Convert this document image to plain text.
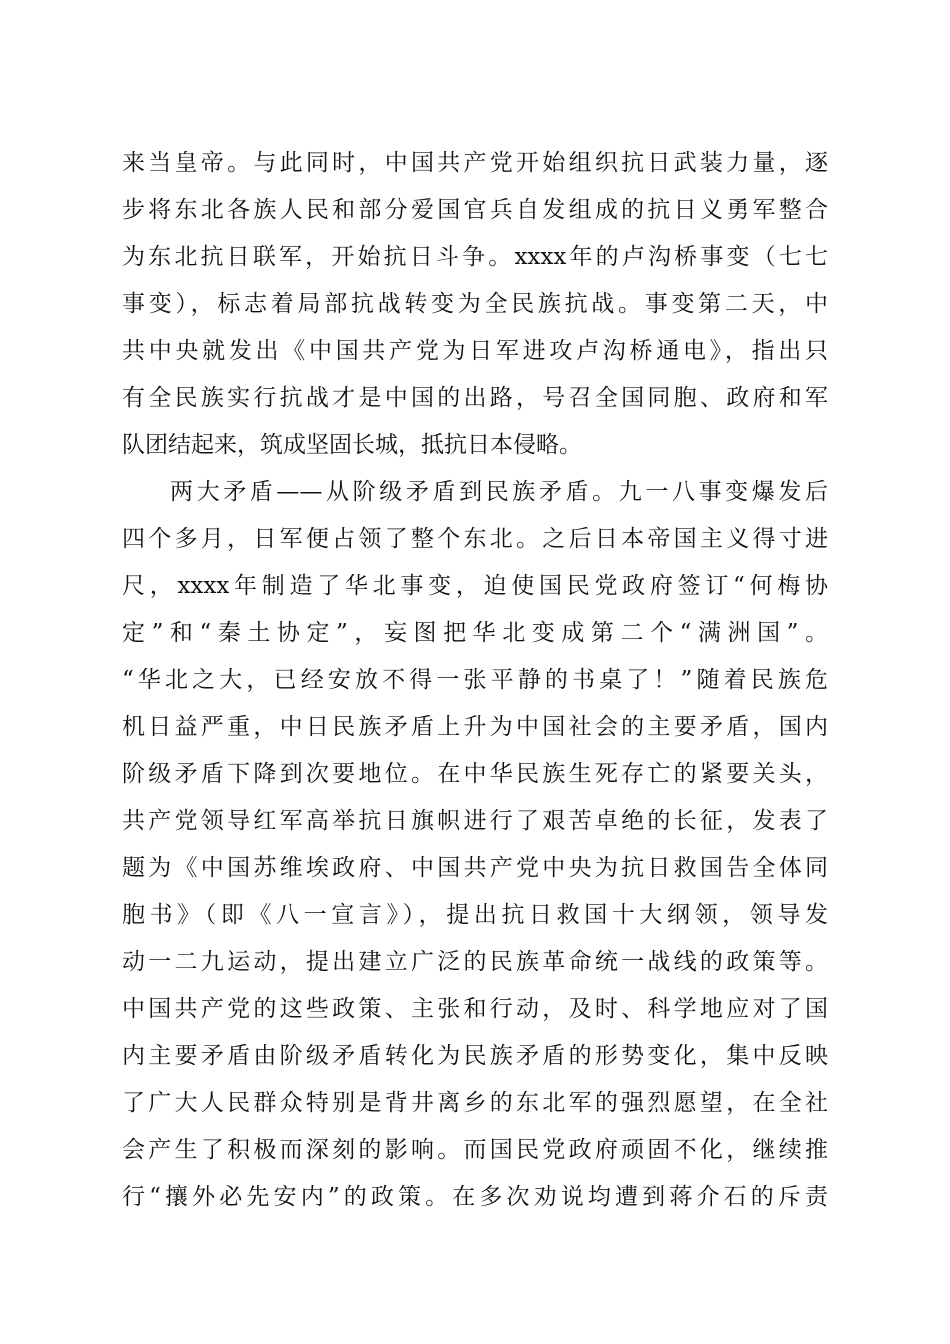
来当皇帝。与此同时，中国共产党开始组织抗日武装力量，逐
步将东北各族人民和部分爱国官兵自发组成的抗日义勇军整合
为东北抗日联军，开始抗日斗争。xxxx年的卢沟桥事变（七七
事变），标志着局部抗战转变为全民族抗战。事变第二天，中
共中央就发出《中国共产党为日军进攻卢沟桥通电》，指出只
有全民族实行抗战才是中国的出路，号召全国同胞、政府和军
队团结起来，筑成坚固长城，抵抗日本侵略。
两大矛盾——从阶级矛盾到民族矛盾。九一八事变爆发后
四个多月，日军便占领了整个东北。之后日本帝国主义得寸进
尺，xxxx年制造了华北事变，迫使国民党政府签订“何梅协
定”和“秦土协定”，妄图把华北变成第二个“满洲国”。
“华北之大，已经安放不得一张平静的书桌了！”随着民族危
机日益严重，中日民族矛盾上升为中国社会的主要矛盾，国内
阶级矛盾下降到次要地位。在中华民族生死存亡的紧要关头，
共产党领导红军高举抗日旗帜进行了艰苦卓绝的长征，发表了
题为《中国苏维埃政府、中国共产党中央为抗日救国告全体同
胞书》（即《八一宣言》），提出抗日救国十大纲领，领导发
动一二九运动，提出建立广泛的民族革命统一战线的政策等。
中国共产党的这些政策、主张和行动，及时、科学地应对了国
内主要矛盾由阶级矛盾转化为民族矛盾的形势变化，集中反映
了广大人民群众特别是背井离乡的东北军的强烈愿望，在全社
会产生了积极而深刻的影响。而国民党政府顽固不化，继续推
行“攘外必先安内”的政策。在多次劝说均遭到蒋介石的斥责
